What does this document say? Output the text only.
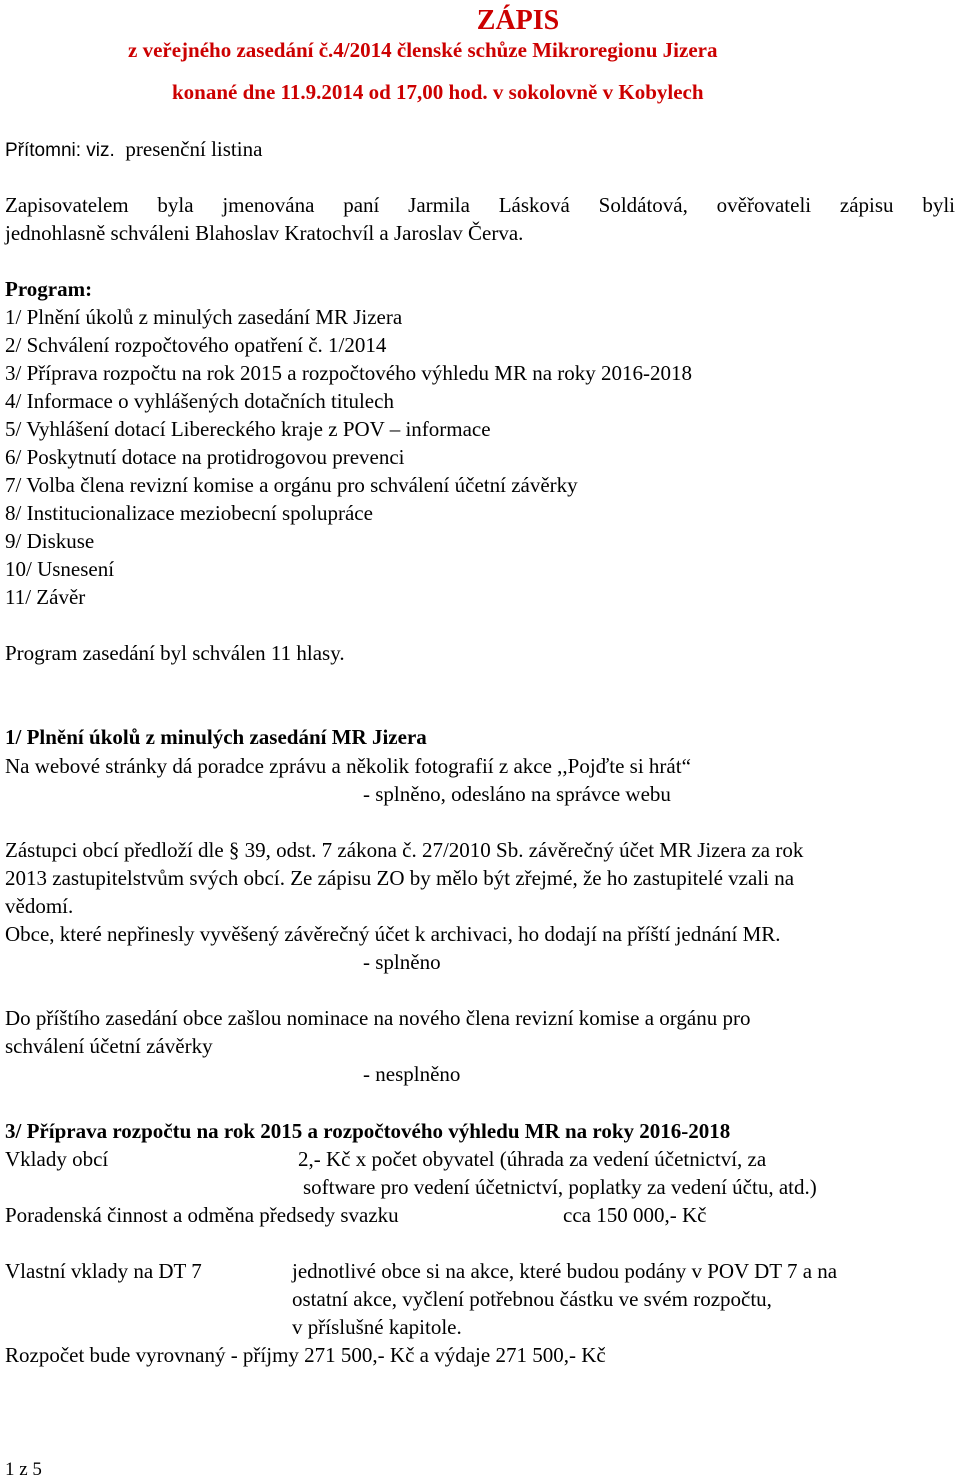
ZÁPIS
z veřejného zasedání č.4/2014 členské schůze Mikroregionu Jizera
konané dne 11.9.2014 od 17,00 hod. v sokolovně v Kobylech
Přítomni: viz. presenční listina
Zapisovatelem byla jmenována paní Jarmila Lásková Soldátová, ověřovateli zápisu byli
jednohlasně schváleni Blahoslav Kratochvíl a Jaroslav Červa.
Program:
1/ Plnění úkolů z minulých zasedání MR Jizera
2/ Schválení rozpočtového opatření č. 1/2014
3/ Příprava rozpočtu na rok 2015 a rozpočtového výhledu MR na roky 2016-2018
4/ Informace o vyhlášených dotačních titulech
5/ Vyhlášení dotací Libereckého kraje z POV – informace
6/ Poskytnutí dotace na protidrogovou prevenci
7/ Volba člena revizní komise a orgánu pro schválení účetní závěrky
8/ Institucionalizace meziobecní spolupráce
9/ Diskuse
10/ Usnesení
11/ Závěr
Program zasedání byl schválen 11 hlasy.
1/ Plnění úkolů z minulých zasedání MR Jizera
Na webové stránky dá poradce zprávu a několik fotografií z akce ,,Pojďte si hrát“
- splněno, odesláno na správce webu
Zástupci obcí předloží dle § 39, odst. 7 zákona č. 27/2010 Sb. závěrečný účet MR Jizera za rok
2013 zastupitelstvům svých obcí. Ze zápisu ZO by mělo být zřejmé, že ho zastupitelé vzali na
vědomí.
Obce, které nepřinesly vyvěšený závěrečný účet k archivaci, ho dodají na příští jednání MR.
- splněno
Do příštího zasedání obce zašlou nominace na nového člena revizní komise a orgánu pro
schválení účetní závěrky
- nesplněno
3/ Příprava rozpočtu na rok 2015 a rozpočtového výhledu MR na roky 2016-2018
Vklady obcí	2,- Kč x počet obyvatel (úhrada za vedení účetnictví, za
software pro vedení účetnictví, poplatky za vedení účtu, atd.)
Poradenská činnost a odměna předsedy svazku	cca 150 000,- Kč
Vlastní vklady na DT 7	jednotlivé obce si na akce, které budou podány v POV DT 7 a na
ostatní akce, vyčlení potřebnou částku ve svém rozpočtu,
v příslušné kapitole.
Rozpočet bude vyrovnaný - příjmy 271 500,- Kč a výdaje 271 500,- Kč
1 z 5
